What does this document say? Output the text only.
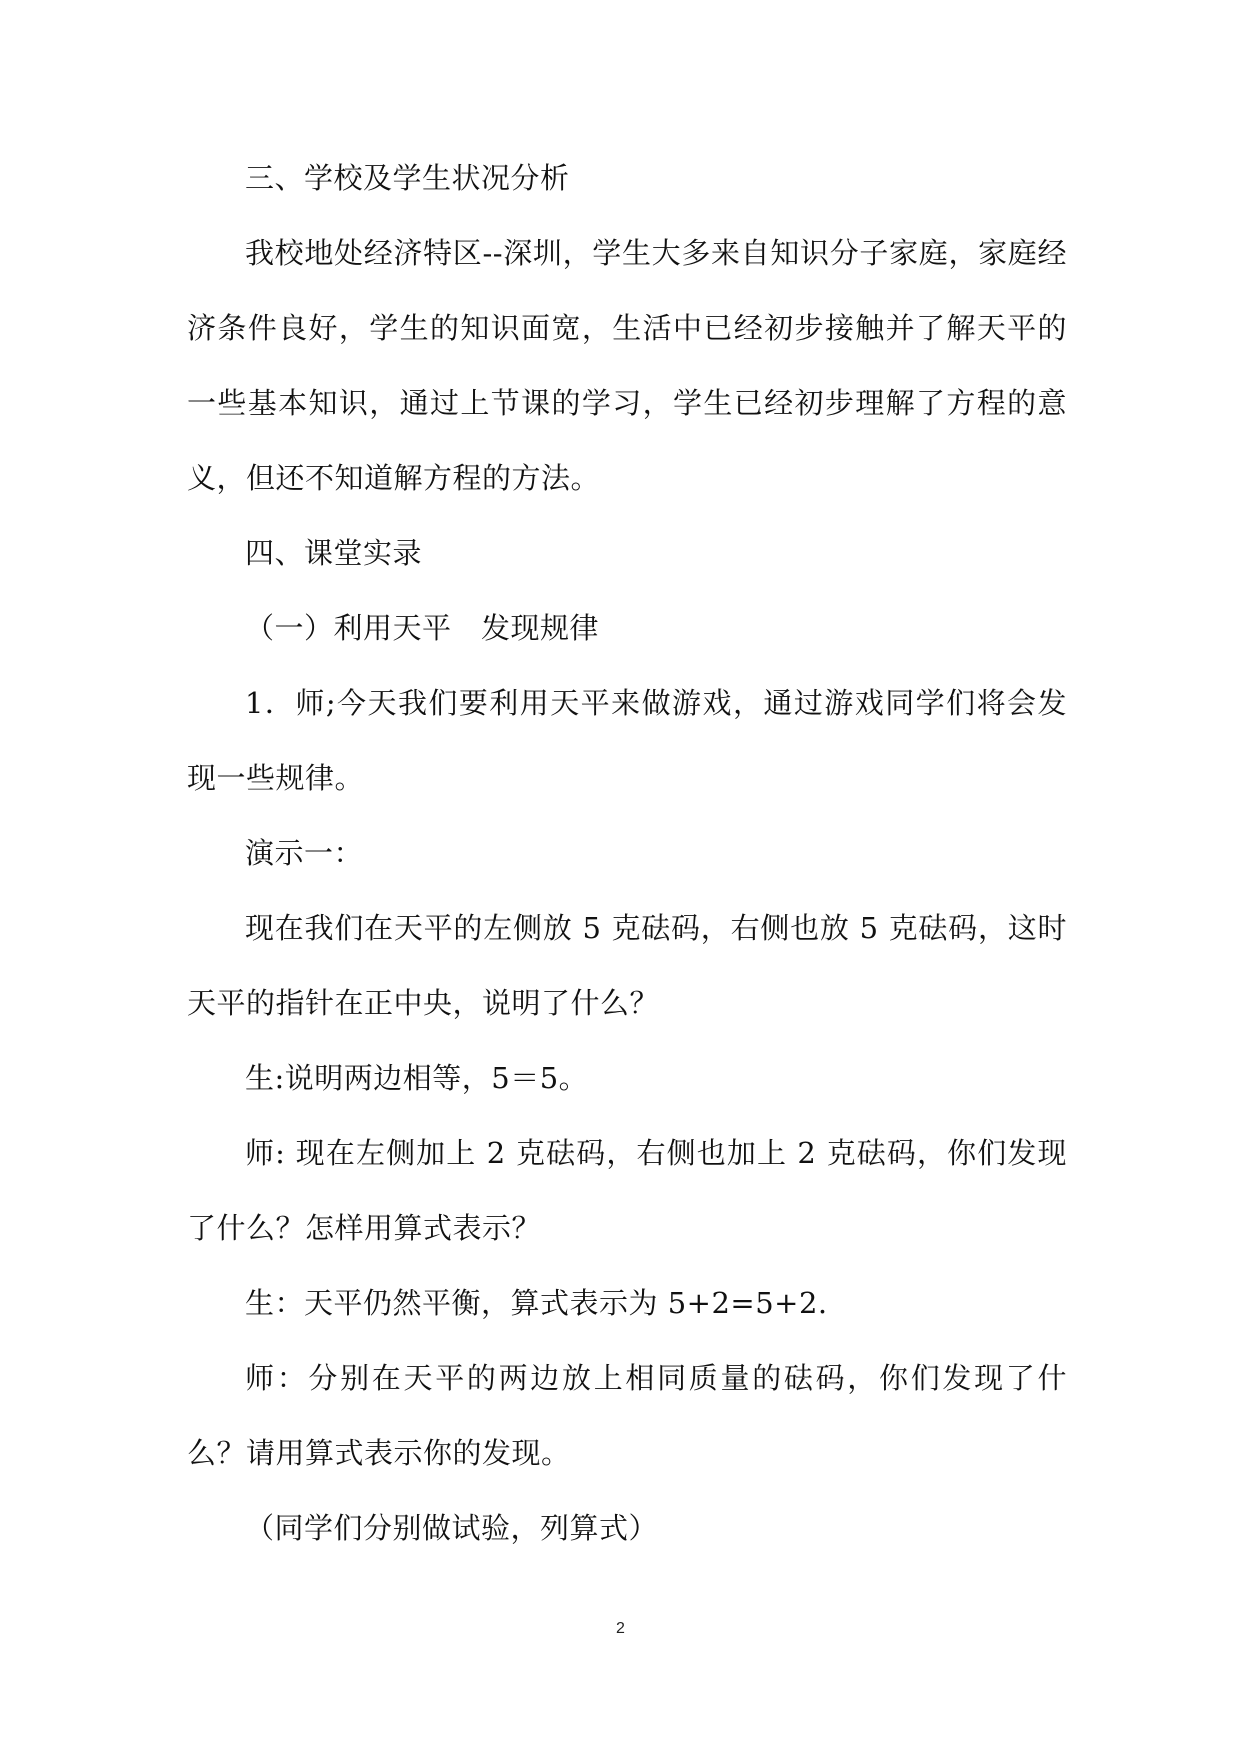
三、学校及学生状况分析

我校地处经济特区--深圳，学生大多来自知识分子家庭，家庭经济条件良好，学生的知识面宽，生活中已经初步接触并了解天平的一些基本知识，通过上节课的学习，学生已经初步理解了方程的意义，但还不知道解方程的方法。

四、课堂实录

（一）利用天平　发现规律

1．师;今天我们要利用天平来做游戏，通过游戏同学们将会发现一些规律。

演示一：

现在我们在天平的左侧放 5 克砝码，右侧也放 5 克砝码，这时天平的指针在正中央，说明了什么？

生:说明两边相等，5＝5。

师: 现在左侧加上 2 克砝码，右侧也加上 2 克砝码，你们发现了什么？怎样用算式表示？

生：天平仍然平衡，算式表示为 5+2=5+2.

师：分别在天平的两边放上相同质量的砝码，你们发现了什么？请用算式表示你的发现。

（同学们分别做试验，列算式）

2
